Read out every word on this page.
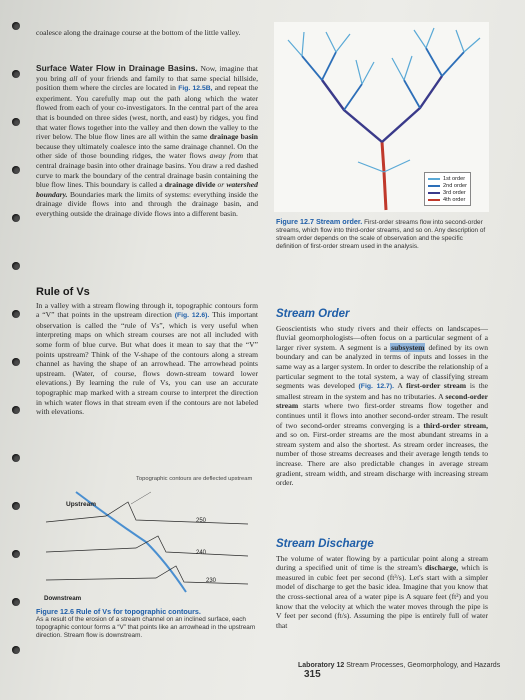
coalesce along the drainage course at the bottom of the little valley.

Surface Water Flow in Drainage Basins. Now, imagine that you bring all of your friends and family to that same special hillside, position them where the circles are located in Fig. 12.5B, and repeat the experiment. You carefully map out the path along which the water flowed from each of your co-investigators. In the central part of the area that is bounded on three sides (west, north, and east) by ridges, you find that water flows together into the valley and then down the valley to the river below. The blue flow lines are all within the same drainage basin because they ultimately coalesce into the same drainage channel. On the other side of those bounding ridges, the water flows away from that central drainage basin into other drainage basins. You draw a red dashed curve to mark the boundary of the central drainage basin containing the blue flow lines. This boundary is called a drainage divide or watershed boundary. Boundaries mark the limits of systems: everything inside the drainage divide flows into and through the drainage basin, and everything outside the drainage divide flows into a different basin.

1st order
2nd order
3rd order
4th order
Figure 12.7 Stream order. First-order streams flow into second-order streams, which flow into third-order streams, and so on. Any description of stream order depends on the scale of observation and the specific definition of first-order stream used in the analysis.
Rule of Vs

In a valley with a stream flowing through it, topographic contours form a “V” that points in the upstream direction (Fig. 12.6). This important observation is called the “rule of Vs”, which is very useful when interpreting maps on which stream courses are not all included with some form of blue curve. But what does it mean to say that the “V” points upstream? Think of the V-shape of the contours along a stream channel as having the shape of an arrowhead. The arrowhead points upstream. (Water, of course, flows down-stream toward lower elevations.) By learning the rule of Vs, you can use an accurate topographic map marked with a stream course to interpret the direction in which water flows in that stream even if the contours are not labeled with elevations.

Upstream
Topographic contours are deflected upstream
250
240
230
Downstream
Figure 12.6 Rule of Vs for topographic contours.
As a result of the erosion of a stream channel on an inclined surface, each topographic contour forms a “V” that points like an arrowhead in the upstream direction. Stream flow is downstream.
Stream Order

Geoscientists who study rivers and their effects on landscapes—fluvial geomorphologists—often focus on a particular segment of a larger river system. A segment is a subsystem defined by its own boundary and can be analyzed in terms of inputs and losses in the same way as a larger system. In order to describe the relationship of a particular segment to the total system, a way of classifying stream segments was developed (Fig. 12.7). A first-order stream is the smallest stream in the system and has no tributaries. A second-order stream starts where two first-order streams flow together and continues until it flows into another second-order stream. The result of two second-order streams converging is a third-order stream, and so on. First-order streams are the most abundant streams in a stream system and also the shortest. As stream order increases, the number of those streams decreases and their average length tends to increase. There are also predictable changes in average stream gradient, stream width, and stream discharge with increasing stream order.

Stream Discharge

The volume of water flowing by a particular point along a stream during a specified unit of time is the stream's discharge, which is measured in cubic feet per second (ft³/s). Let's start with a simpler model of discharge to get the basic idea. Imagine that you know that the cross-sectional area of a water pipe is A square feet (ft²) and you know that the velocity at which the water moves through the pipe is V feet per second (ft/s). Assuming the pipe is entirely full of water that

Laboratory 12 Stream Processes, Geomorphology, and Hazards 315
